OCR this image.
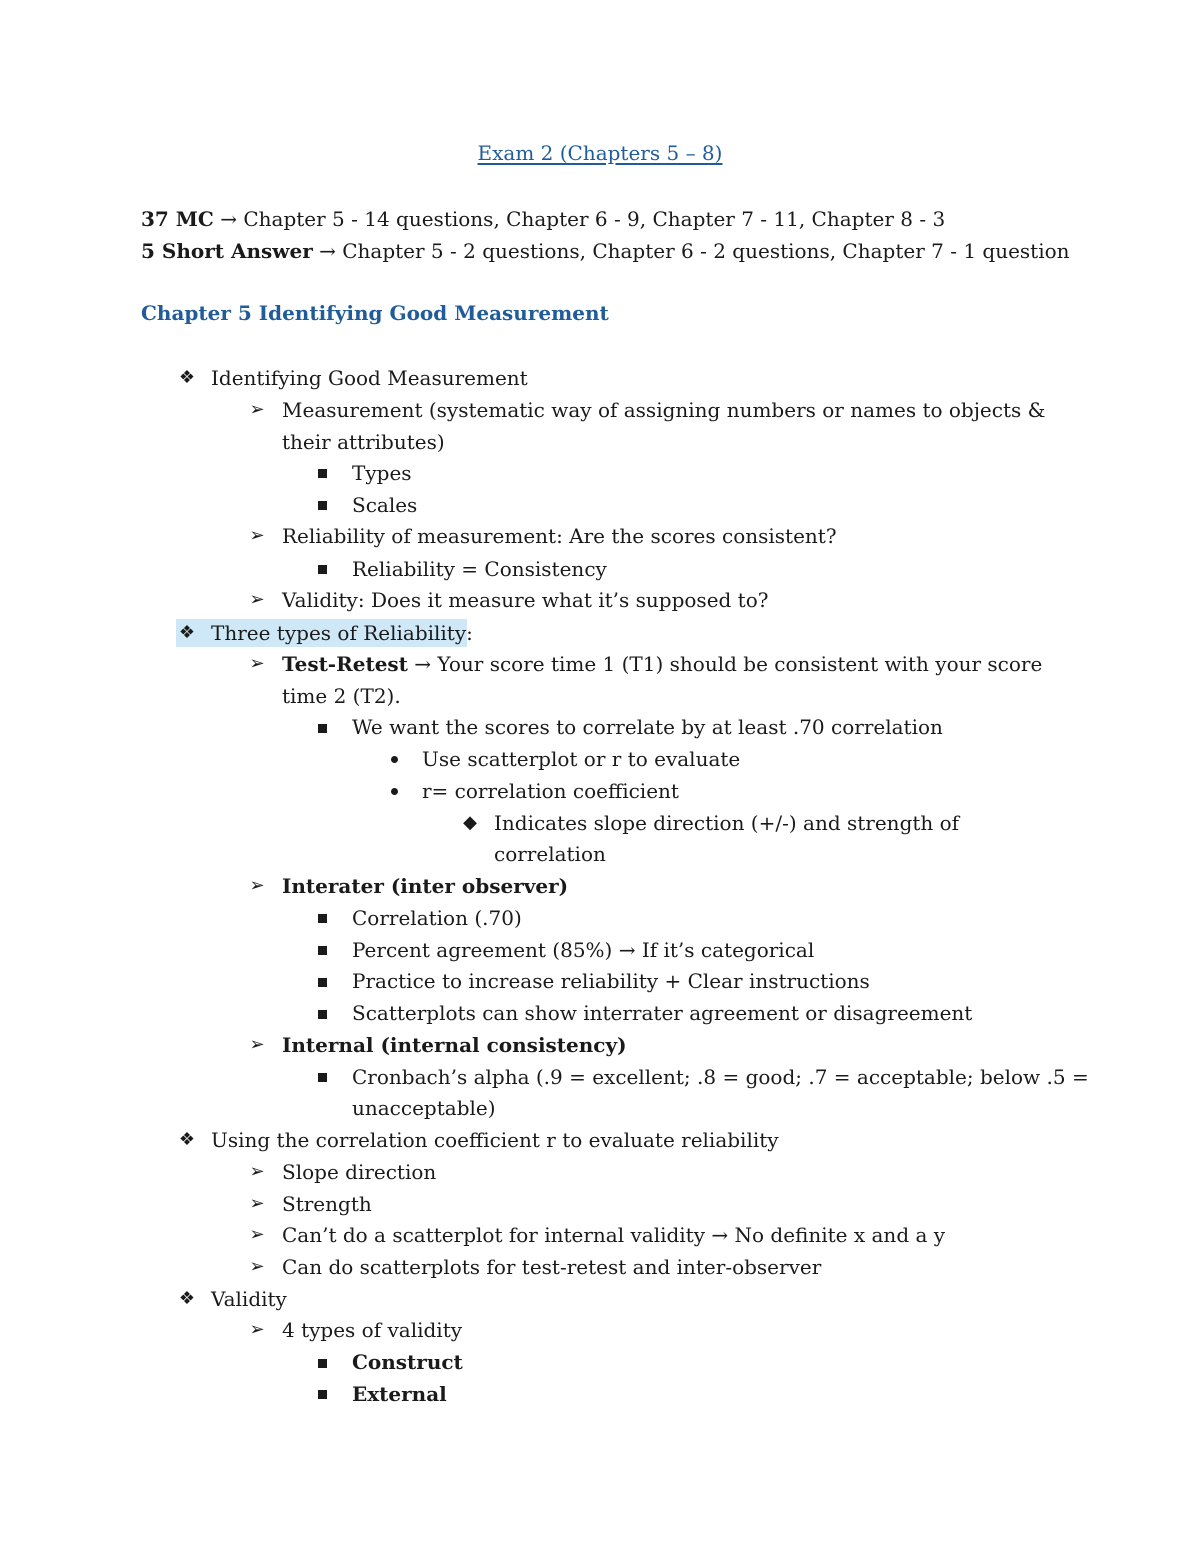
Exam 2 (Chapters 5 – 8)
37 MC → Chapter 5 - 14 questions, Chapter 6 - 9, Chapter 7 - 11, Chapter 8 - 3
5 Short Answer → Chapter 5 - 2 questions, Chapter 6 - 2 questions, Chapter 7 - 1 question
Chapter 5 Identifying Good Measurement
❖ Identifying Good Measurement
➢ Measurement (systematic way of assigning numbers or names to objects &
their attributes)
Types
Scales
➢ Reliability of measurement: Are the scores consistent?
Reliability = Consistency
➢ Validity: Does it measure what it’s supposed to?
❖ Three types of Reliability:
➢ Test-Retest → Your score time 1 (T1) should be consistent with your score
time 2 (T2).
We want the scores to correlate by at least .70 correlation
Use scatterplot or r to evaluate
r= correlation coefficient
◆ Indicates slope direction (+/-) and strength of
correlation
➢ Interater (inter observer)
Correlation (.70)
Percent agreement (85%) → If it’s categorical
Practice to increase reliability + Clear instructions
Scatterplots can show interrater agreement or disagreement
➢ Internal (internal consistency)
Cronbach’s alpha (.9 = excellent; .8 = good; .7 = acceptable; below .5 =
unacceptable)
❖ Using the correlation coefficient r to evaluate reliability
➢ Slope direction
➢ Strength
➢ Can’t do a scatterplot for internal validity → No definite x and a y
➢ Can do scatterplots for test-retest and inter-observer
❖ Validity
➢ 4 types of validity
Construct
External
